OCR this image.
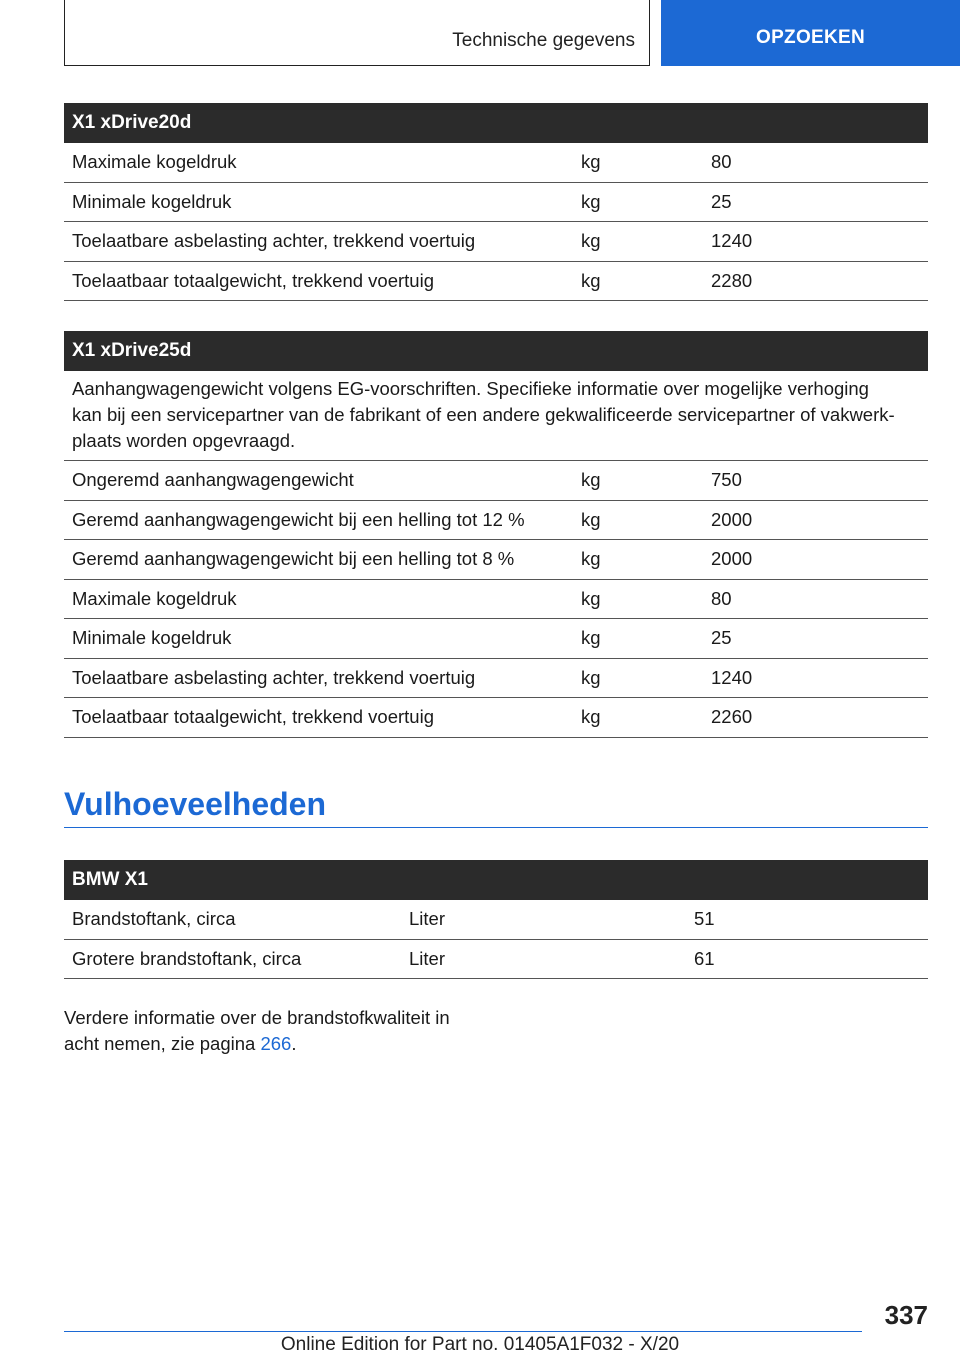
Technische gegevens	OPZOEKEN
X1 xDrive20d
Maximale kogeldruk	kg	80
Minimale kogeldruk	kg	25
Toelaatbare asbelasting achter, trekkend voertuig	kg	1240
Toelaatbaar totaalgewicht, trekkend voertuig	kg	2280
X1 xDrive25d
Aanhangwagengewicht volgens EG-voorschriften. Specifieke informatie over mogelijke verhoging
kan bij een servicepartner van de fabrikant of een andere gekwalificeerde servicepartner of vakwerk-
plaats worden opgevraagd.
Ongeremd aanhangwagengewicht	kg	750
Geremd aanhangwagengewicht bij een helling tot 12 %	kg	2000
Geremd aanhangwagengewicht bij een helling tot 8 %	kg	2000
Maximale kogeldruk	kg	80
Minimale kogeldruk	kg	25
Toelaatbare asbelasting achter, trekkend voertuig	kg	1240
Toelaatbaar totaalgewicht, trekkend voertuig	kg	2260
Vulhoeveelheden
BMW X1
Brandstoftank, circa	Liter	51
Grotere brandstoftank, circa	Liter	61
Verdere informatie over de brandstofkwaliteit in
acht nemen, zie pagina 266.
337
Online Edition for Part no. 01405A1F032 - X/20
